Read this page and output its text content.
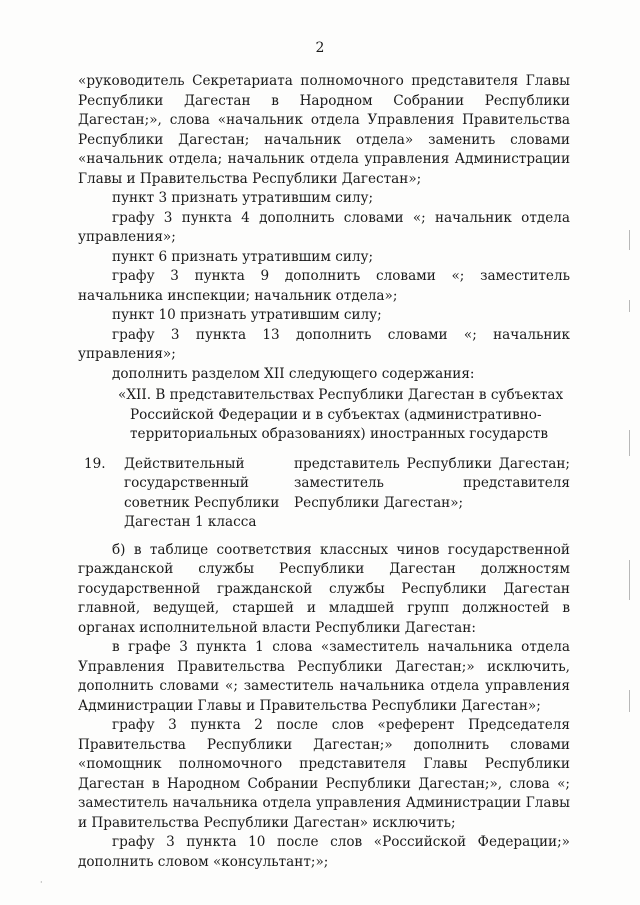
2

«руководитель Секретариата полномочного представителя Главы Республики Дагестан в Народном Собрании Республики Дагестан;», слова «начальник отдела Управления Правительства Республики Дагестан; начальник отдела» заменить словами «начальник отдела; начальник отдела управления Администрации Главы и Правительства Республики Дагестан»;

пункт 3 признать утратившим силу;

графу 3 пункта 4 дополнить словами «; начальник отдела управления»;

пункт 6 признать утратившим силу;

графу 3 пункта 9 дополнить словами «; заместитель начальника инспекции; начальник отдела»;

пункт 10 признать утратившим силу;

графу 3 пункта 13 дополнить словами «; начальник управления»;

дополнить разделом XII следующего содержания:

«XII. В представительствах Республики Дагестан в субъектах
Российской Федерации и в субъектах (административно-
территориальных образованиях) иностранных государств
19.	Действительный государственный советник Республики Дагестан 1 класса
представитель Республики Дагестан; заместитель представителя Республики Дагестан»;

б) в таблице соответствия классных чинов государственной гражданской службы Республики Дагестан должностям государственной гражданской службы Республики Дагестан главной, ведущей, старшей и младшей групп должностей в органах исполнительной власти Республики Дагестан:

в графе 3 пункта 1 слова «заместитель начальника отдела Управления Правительства Республики Дагестан;» исключить, дополнить словами «; заместитель начальника отдела управления Администрации Главы и Правительства Республики Дагестан»;

графу 3 пункта 2 после слов «референт Председателя Правительства Республики Дагестан;» дополнить словами «помощник полномочного представителя Главы Республики Дагестан в Народном Собрании Республики Дагестан;», слова «; заместитель начальника отдела управления Администрации Главы и Правительства Республики Дагестан» исключить;

графу 3 пункта 10 после слов «Российской Федерации;» дополнить словом «консультант;»;

·
